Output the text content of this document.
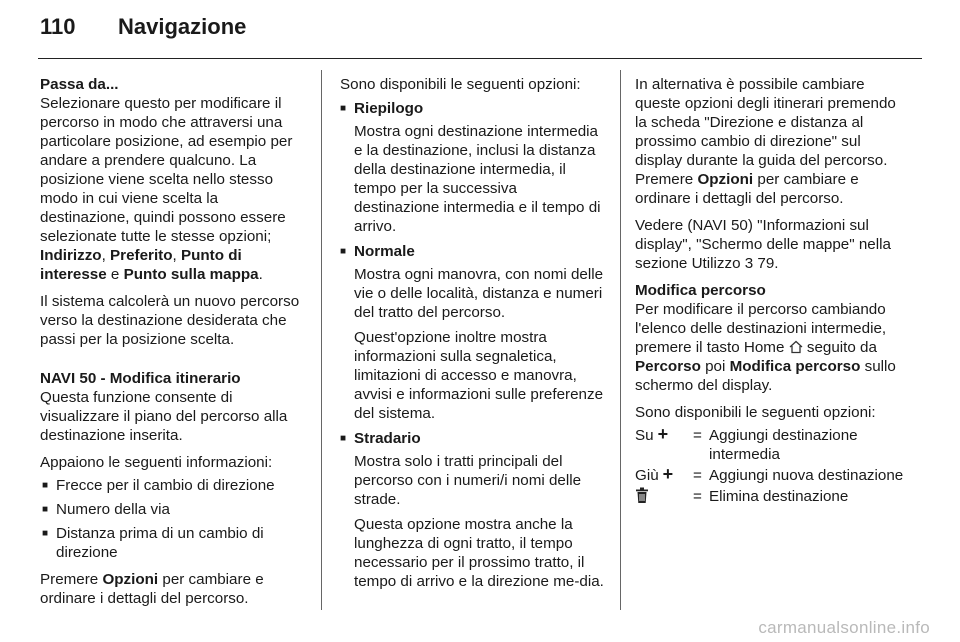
110	Navigazione
Passa da...

Selezionare questo per modificare il percorso in modo che attraversi una particolare posizione, ad esempio per andare a prendere qualcuno. La posizione viene scelta nello stesso modo in cui viene scelta la destinazione, quindi possono essere selezionate tutte le stesse opzioni; Indirizzo, Preferito, Punto di interesse e Punto sulla mappa.

Il sistema calcolerà un nuovo percorso verso la destinazione desiderata che passi per la posizione scelta.

NAVI 50 - Modifica itinerario

Questa funzione consente di visualizzare il piano del percorso alla destinazione inserita.

Appaiono le seguenti informazioni:

■ Frecce per il cambio di direzione
■ Numero della via
■ Distanza prima di un cambio di direzione

Premere Opzioni per cambiare e ordinare i dettagli del percorso.

Sono disponibili le seguenti opzioni:

■ Riepilogo

Mostra ogni destinazione intermedia e la destinazione, inclusi la distanza della destinazione intermedia, il tempo per la successiva destinazione intermedia e il tempo di arrivo.

■ Normale

Mostra ogni manovra, con nomi delle vie o delle località, distanza e numeri del tratto del percorso.

Quest'opzione inoltre mostra informazioni sulla segnaletica, limitazioni di accesso e manovra, avvisi e informazioni sulle preferenze del sistema.

■ Stradario

Mostra solo i tratti principali del percorso con i numeri/i nomi delle strade.

Questa opzione mostra anche la lunghezza di ogni tratto, il tempo necessario per il prossimo tratto, il tempo di arrivo e la direzione me-dia.

In alternativa è possibile cambiare queste opzioni degli itinerari premendo la scheda "Direzione e distanza al prossimo cambio di direzione" sul display durante la guida del percorso. Premere Opzioni per cambiare e ordinare i dettagli del percorso.

Vedere (NAVI 50) "Informazioni sul display", "Schermo delle mappe" nella sezione Utilizzo 3 79.

Modifica percorso

Per modificare il percorso cambiando l'elenco delle destinazioni intermedie, premere il tasto Home  seguito da Percorso poi Modifica percorso sullo schermo del display.

Sono disponibili le seguenti opzioni:

Su + = Aggiungi destinazione intermedia
Giù + = Aggiungi nuova destinazione
= Elimina destinazione
carmanualsonline.info
